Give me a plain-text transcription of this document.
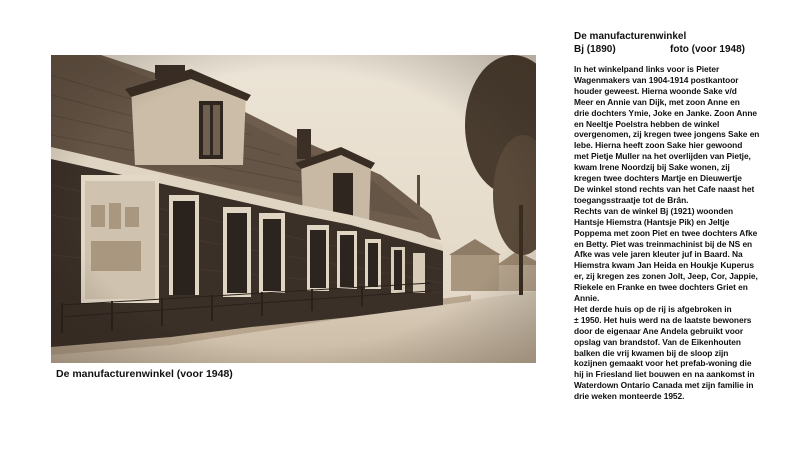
De manufacturenwinkel (voor 1948)
De manufacturenwinkel
Bj (1890)	foto (voor 1948)

In het winkelpand links voor is Pieter

Wagenmakers van 1904-1914 postkantoor

houder geweest. Hierna woonde Sake v/d

Meer en Annie van Dijk, met zoon Anne en

drie dochters Ymie, Joke en Janke. Zoon Anne

en Neeltje Poelstra hebben de winkel

overgenomen, zij kregen twee jongens Sake en

Iebe. Hierna heeft zoon Sake hier gewoond

met Pietje Muller na het overlijden van Pietje,

kwam Irene Noordzij bij Sake wonen, zij

kregen twee dochters Martje en Dieuwertje

De winkel stond rechts van het Cafe naast het

toegangsstraatje tot de Brân.

Rechts van de winkel Bj (1921) woonden

Hantsje Hiemstra (Hantsje Pik) en Jeltje

Poppema met zoon Piet en twee dochters Afke

en Betty. Piet was treinmachinist bij de NS en

Afke was vele jaren kleuter juf in Baard. Na

Hiemstra kwam Jan Heida en Houkje Kuperus

er, zij kregen zes zonen Jolt, Jeep, Cor, Jappie,

Riekele en Franke en twee dochters Griet en

Annie.

Het derde huis op de rij is afgebroken in

± 1950. Het huis werd na de laatste bewoners

door de eigenaar Ane Andela gebruikt voor

opslag van brandstof. Van de Eikenhouten

balken die vrij kwamen bij de sloop zijn

kozijnen gemaakt voor het prefab-woning die

hij in Friesland liet bouwen en na aankomst in

Waterdown Ontario Canada met zijn familie in

drie weken monteerde 1952.
